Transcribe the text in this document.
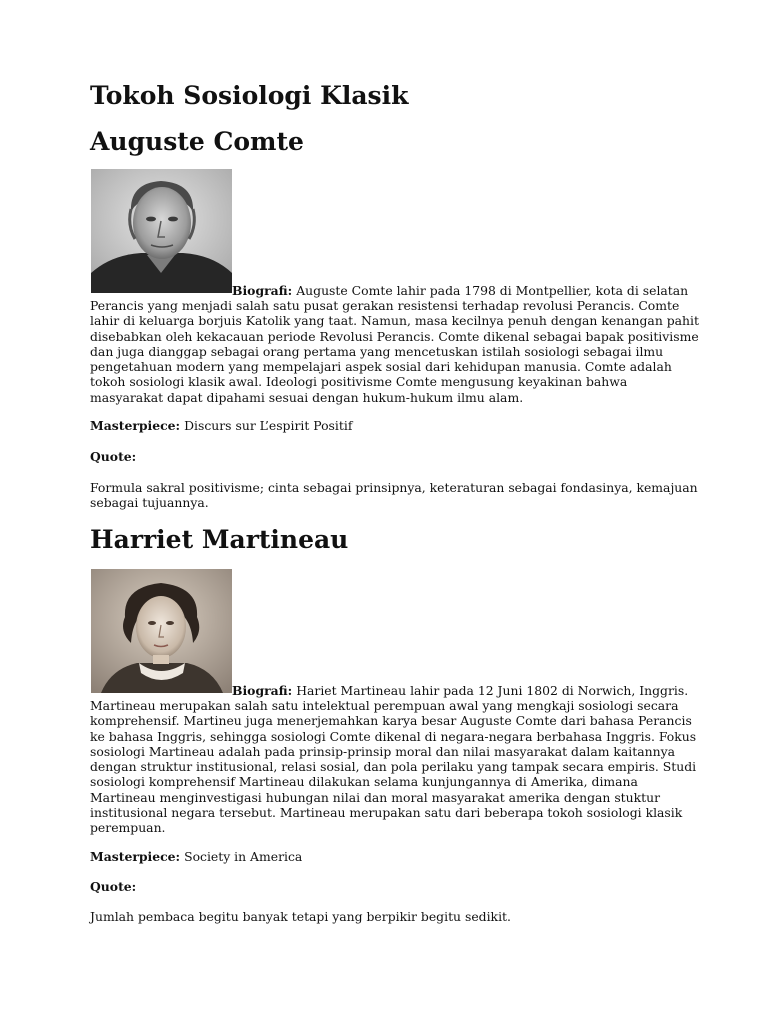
Tokoh Sosiologi Klasik
Auguste Comte
Biografi: Auguste Comte lahir pada 1798 di Montpellier, kota di selatan
Perancis yang menjadi salah satu pusat gerakan resistensi terhadap revolusi Perancis. Comte
lahir di keluarga borjuis Katolik yang taat. Namun, masa kecilnya penuh dengan kenangan pahit
disebabkan oleh kekacauan periode Revolusi Perancis. Comte dikenal sebagai bapak positivisme
dan juga dianggap sebagai orang pertama yang mencetuskan istilah sosiologi sebagai ilmu
pengetahuan modern yang mempelajari aspek sosial dari kehidupan manusia. Comte adalah
tokoh sosiologi klasik awal. Ideologi positivisme Comte mengusung keyakinan bahwa
masyarakat dapat dipahami sesuai dengan hukum-hukum ilmu alam.
Masterpiece: Discurs sur L’espirit Positif
Quote:
Formula sakral positivisme; cinta sebagai prinsipnya, keteraturan sebagai fondasinya, kemajuan
sebagai tujuannya.
Harriet Martineau
Biografi: Hariet Martineau lahir pada 12 Juni 1802 di Norwich, Inggris.
Martineau merupakan salah satu intelektual perempuan awal yang mengkaji sosiologi secara
komprehensif. Martineu juga menerjemahkan karya besar Auguste Comte dari bahasa Perancis
ke bahasa Inggris, sehingga sosiologi Comte dikenal di negara-negara berbahasa Inggris. Fokus
sosiologi Martineau adalah pada prinsip-prinsip moral dan nilai masyarakat dalam kaitannya
dengan struktur institusional, relasi sosial, dan pola perilaku yang tampak secara empiris. Studi
sosiologi komprehensif Martineau dilakukan selama kunjungannya di Amerika, dimana
Martineau menginvestigasi hubungan nilai dan moral masyarakat amerika dengan stuktur
institusional negara tersebut. Martineau merupakan satu dari beberapa tokoh sosiologi klasik
perempuan.
Masterpiece: Society in America
Quote:
Jumlah pembaca begitu banyak tetapi yang berpikir begitu sedikit.
